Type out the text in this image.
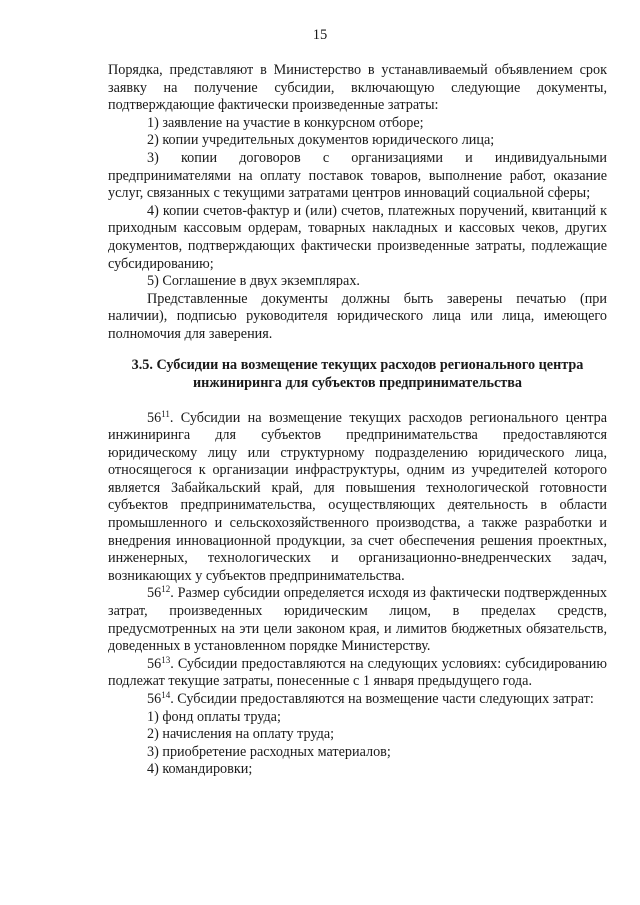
15

Порядка, представляют в Министерство в устанавливаемый объявлением срок заявку на получение субсидии, включающую следующие документы, подтверждающие фактически произведенные затраты:

1) заявление на участие в конкурсном отборе;

2) копии учредительных документов юридического лица;

3) копии договоров с организациями и индивидуальными предпринимателями на оплату поставок товаров, выполнение работ, оказание услуг, связанных с текущими затратами центров инноваций социальной сферы;

4) копии счетов-фактур и (или) счетов, платежных поручений, квитанций к приходным кассовым ордерам, товарных накладных и кассовых чеков, других документов, подтверждающих фактически произведенные затраты, подлежащие субсидированию;

5) Соглашение в двух экземплярах.

Представленные документы должны быть заверены печатью (при наличии), подписью руководителя юридического лица или лица, имеющего полномочия для заверения.

3.5. Субсидии на возмещение текущих расходов регионального центра инжиниринга для субъектов предпринимательства

$56^{11}$. Субсидии на возмещение текущих расходов регионального центра инжиниринга для субъектов предпринимательства предоставляются юридическому лицу или структурному подразделению юридического лица, относящегося к организации инфраструктуры, одним из учредителей которого является Забайкальский край, для повышения технологической готовности субъектов предпринимательства, осуществляющих деятельность в области промышленного и сельскохозяйственного производства, а также разработки и внедрения инновационной продукции, за счет обеспечения решения проектных, инженерных, технологических и организационно-внедренческих задач, возникающих у субъектов предпринимательства.

$56^{12}$. Размер субсидии определяется исходя из фактически подтвержденных затрат, произведенных юридическим лицом, в пределах средств, предусмотренных на эти цели законом края, и лимитов бюджетных обязательств, доведенных в установленном порядке Министерству.

$56^{13}$. Субсидии предоставляются на следующих условиях: субсидированию подлежат текущие затраты, понесенные с 1 января предыдущего года.

$56^{14}$. Субсидии предоставляются на возмещение части следующих затрат:

1) фонд оплаты труда;

2) начисления на оплату труда;

3) приобретение расходных материалов;

4) командировки;
